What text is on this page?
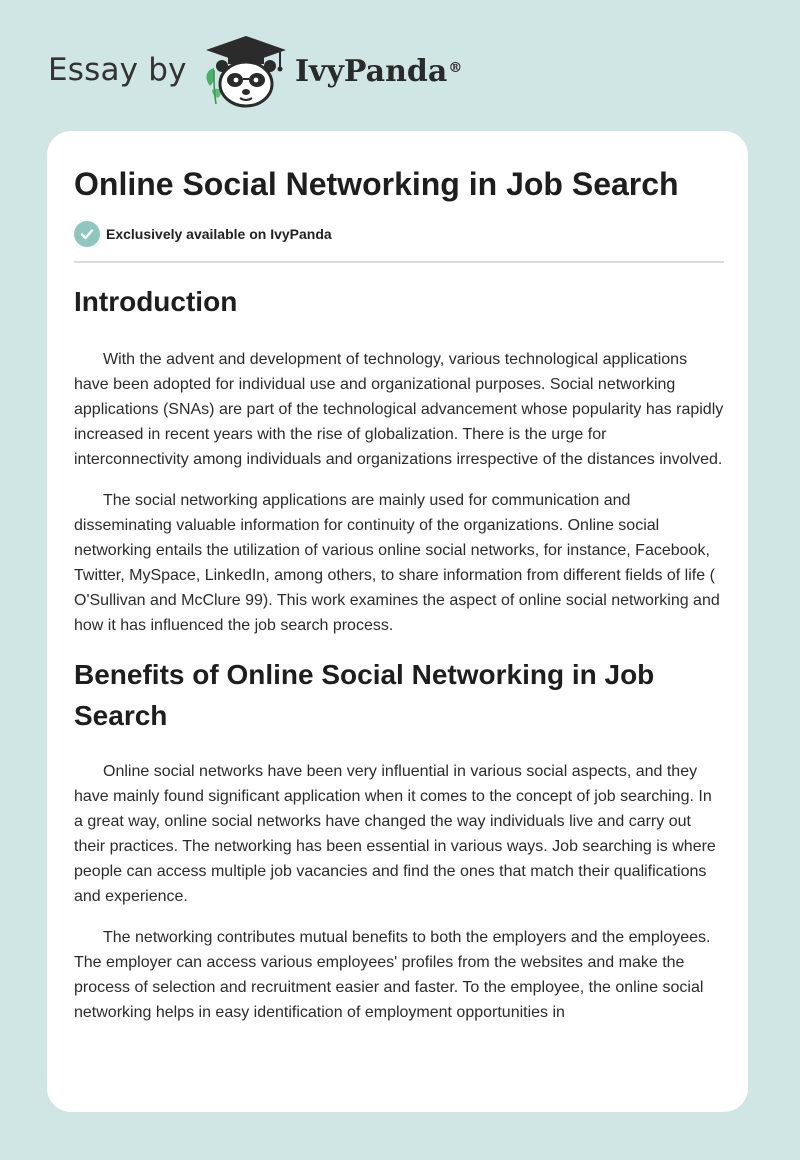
Essay by	IvyPanda®
Online Social Networking in Job Search
Exclusively available on IvyPanda
Introduction

With the advent and development of technology, various technological applications have been adopted for individual use and organizational purposes. Social networking applications (SNAs) are part of the technological advancement whose popularity has rapidly increased in recent years with the rise of globalization. There is the urge for interconnectivity among individuals and organizations irrespective of the distances involved.

The social networking applications are mainly used for communication and disseminating valuable information for continuity of the organizations. Online social networking entails the utilization of various online social networks, for instance, Facebook, Twitter, MySpace, LinkedIn, among others, to share information from different fields of life ( O'Sullivan and McClure 99). This work examines the aspect of online social networking and how it has influenced the job search process.

Benefits of Online Social Networking in Job Search

Online social networks have been very influential in various social aspects, and they have mainly found significant application when it comes to the concept of job searching. In a great way, online social networks have changed the way individuals live and carry out their practices. The networking has been essential in various ways. Job searching is where people can access multiple job vacancies and find the ones that match their qualifications and experience.

The networking contributes mutual benefits to both the employers and the employees. The employer can access various employees' profiles from the websites and make the process of selection and recruitment easier and faster. To the employee, the online social networking helps in easy identification of employment opportunities in
